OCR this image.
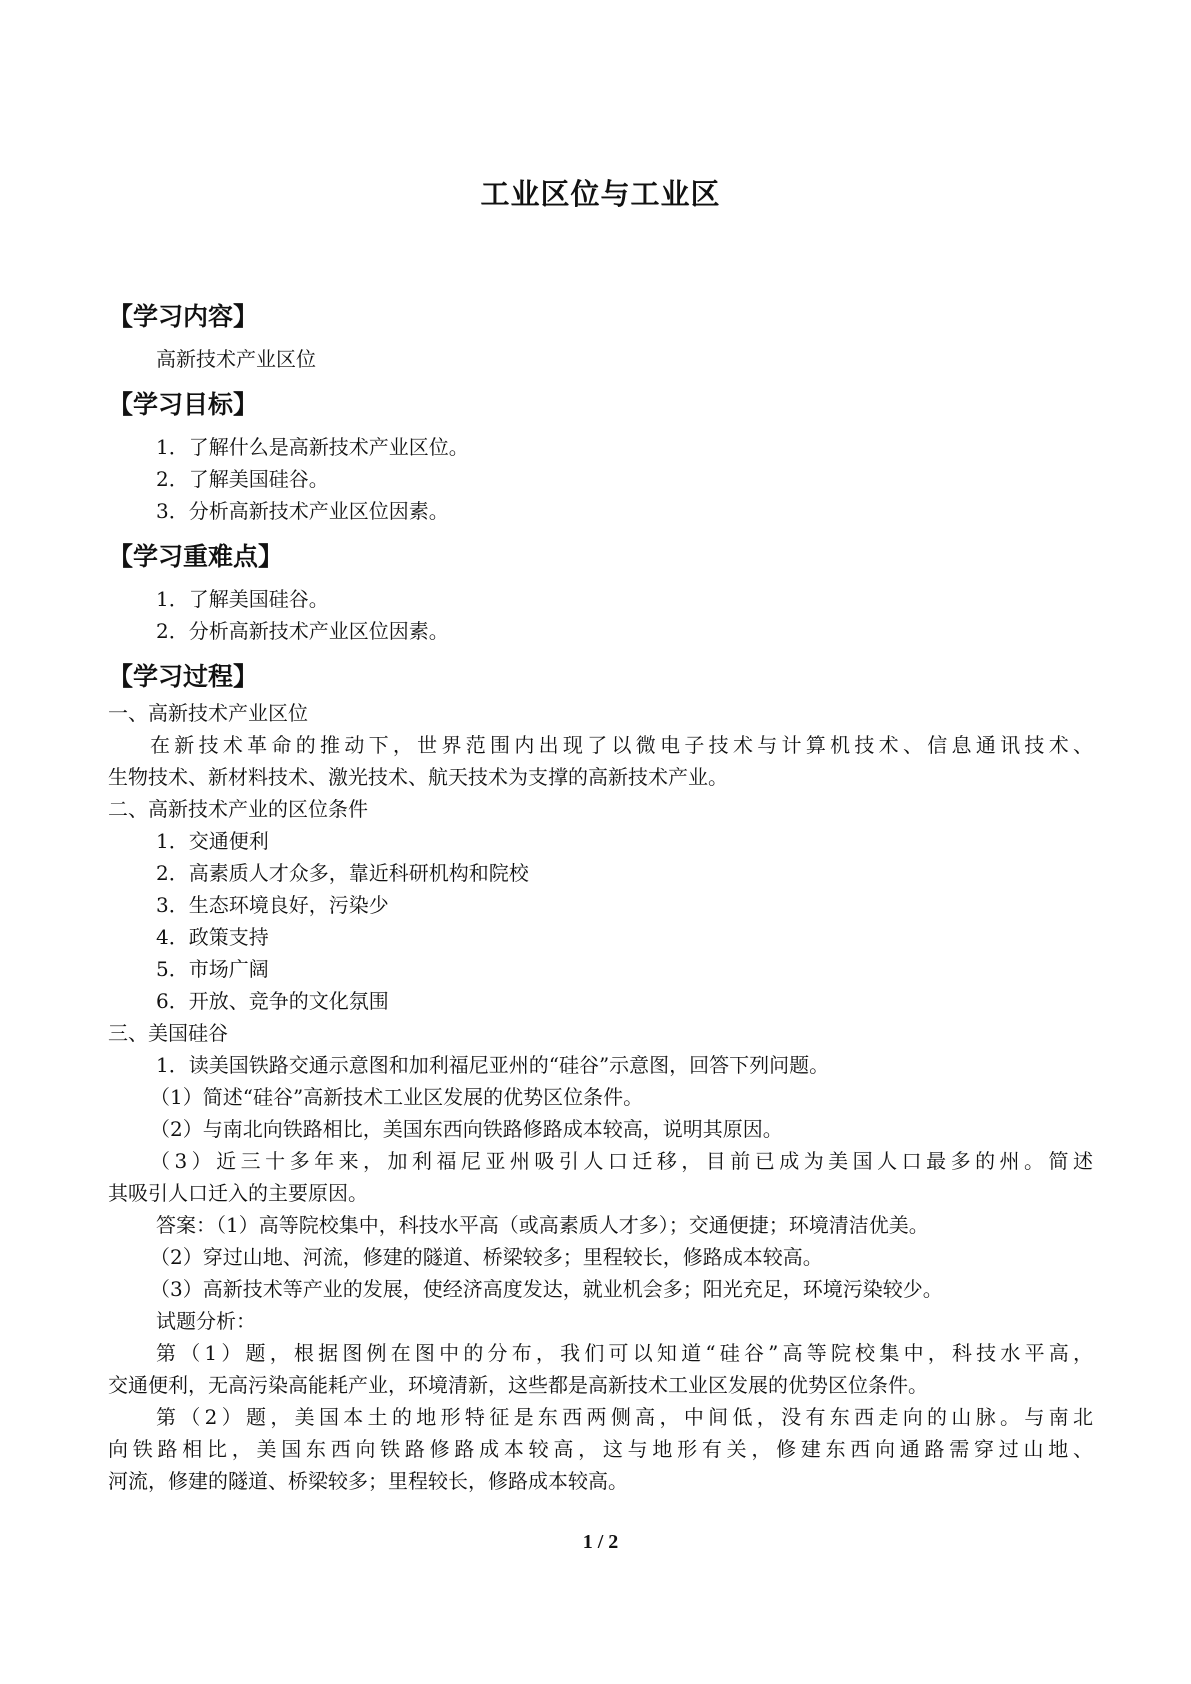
工业区位与工业区
【学习内容】
高新技术产业区位
【学习目标】
1．了解什么是高新技术产业区位。
2．了解美国硅谷。
3．分析高新技术产业区位因素。
【学习重难点】
1．了解美国硅谷。
2．分析高新技术产业区位因素。
【学习过程】
一、高新技术产业区位
在新技术革命的推动下，世界范围内出现了以微电子技术与计算机技术、信息通讯技术、
生物技术、新材料技术、激光技术、航天技术为支撑的高新技术产业。
二、高新技术产业的区位条件
1．交通便利
2．高素质人才众多，靠近科研机构和院校
3．生态环境良好，污染少
4．政策支持
5．市场广阔
6．开放、竞争的文化氛围
三、美国硅谷
1．读美国铁路交通示意图和加利福尼亚州的“硅谷”示意图，回答下列问题。
（1）简述“硅谷”高新技术工业区发展的优势区位条件。
（2）与南北向铁路相比，美国东西向铁路修路成本较高，说明其原因。
（3）近三十多年来，加利福尼亚州吸引人口迁移，目前已成为美国人口最多的州。简述
其吸引人口迁入的主要原因。
答案：（1）高等院校集中，科技水平高（或高素质人才多）；交通便捷；环境清洁优美。
（2）穿过山地、河流，修建的隧道、桥梁较多；里程较长，修路成本较高。
（3）高新技术等产业的发展，使经济高度发达，就业机会多；阳光充足，环境污染较少。
试题分析：
第（1）题，根据图例在图中的分布，我们可以知道“硅谷”高等院校集中，科技水平高，
交通便利，无高污染高能耗产业，环境清新，这些都是高新技术工业区发展的优势区位条件。
第（2）题，美国本土的地形特征是东西两侧高，中间低，没有东西走向的山脉。与南北
向铁路相比，美国东西向铁路修路成本较高，这与地形有关，修建东西向通路需穿过山地、
河流，修建的隧道、桥梁较多；里程较长，修路成本较高。
1 / 2
